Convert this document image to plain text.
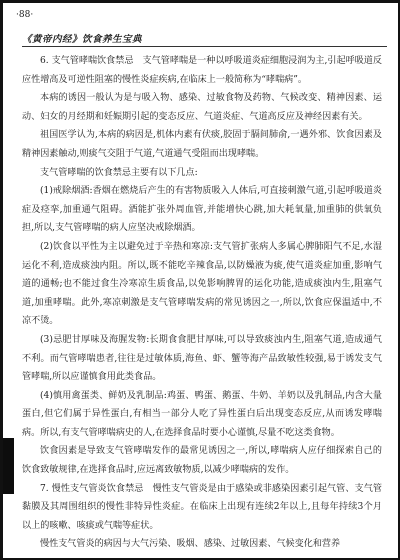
·88·
《黄帝内经》饮食养生宝典

6. 支气管哮喘饮食禁忌　支气管哮喘是一种以呼吸道炎症细胞浸润为主,引起呼吸道反应性增高及可逆性阻塞的慢性炎症疾病,在临床上一般简称为“哮喘病”。

本病的诱因一般认为是与吸入物、感染、过敏食物及药物、气候改变、精神因素、运动、妇女的月经期和妊娠期引起的变态反应、气道炎症、气道高反应及神经因素有关。

祖国医学认为,本病的病因是,机体内素有伏痰,胶固于膈间肺俞,一遇外邪、饮食因素及精神因素触动,则痰气交阻于气道,气道通气受阻而出现哮喘。

支气管哮喘的饮食禁忌主要有以下几点:

(1)戒除烟酒:香烟在燃烧后产生的有害物质吸入人体后,可直接刺激气道,引起呼吸道炎症及痉挛,加重通气阻碍。酒能扩张外周血管,并能增快心跳,加大耗氧量,加重肺的供氧负担,所以,支气管哮喘的病人应坚决戒除烟酒。

(2)饮食以平性为主以避免过于辛热和寒凉:支气管扩张病人多属心脾肺阳气不足,水湿运化不利,造成痰浊内阻。所以,既不能吃辛辣食品,以防燥液为痰,使气道炎症加重,影响气道的通畅;也不能过食生冷寒凉生质食品,以免影响脾胃的运化功能,造成痰浊内生,阻塞气道,加重哮喘。此外,寒凉刺激是支气管哮喘发病的常见诱因之一,所以,饮食应保温适中,不凉不烫。

(3)忌肥甘厚味及海腥发物:长期食食肥甘厚味,可以导致痰浊内生,阻塞气道,造成通气不利。而气管哮喘患者,往往是过敏体质,海鱼、虾、蟹等海产品致敏性较强,易于诱发支气管哮喘,所以应谨慎食用此类食品。

(4)慎用禽蛋类、鲜奶及乳制品:鸡蛋、鸭蛋、鹅蛋、牛奶、羊奶以及乳制品,内含大量蛋白,但它们属于异性蛋白,有相当一部分人吃了异性蛋白后出现变态反应,从而诱发哮喘病。所以,有支气管哮喘病史的人,在选择食品时要小心谨慎,尽量不吃这类食物。

饮食因素是导致支气管哮喘发作的最常见诱因之一,所以,哮喘病人应仔细探索自己的饮食致敏规律,在选择食品时,应远离致敏物质,以减少哮喘病的发作。

7. 慢性支气管炎饮食禁忌　慢性支气管炎是由于感染或非感染因素引起气管、支气管黏膜及其周围组织的慢性非特异性炎症。在临床上出现有连续2年以上,且每年持续3个月以上的咳嗽、咳痰或气喘等症状。

慢性支气管炎的病因与大气污染、吸烟、感染、过敏因素、气候变化和营养
